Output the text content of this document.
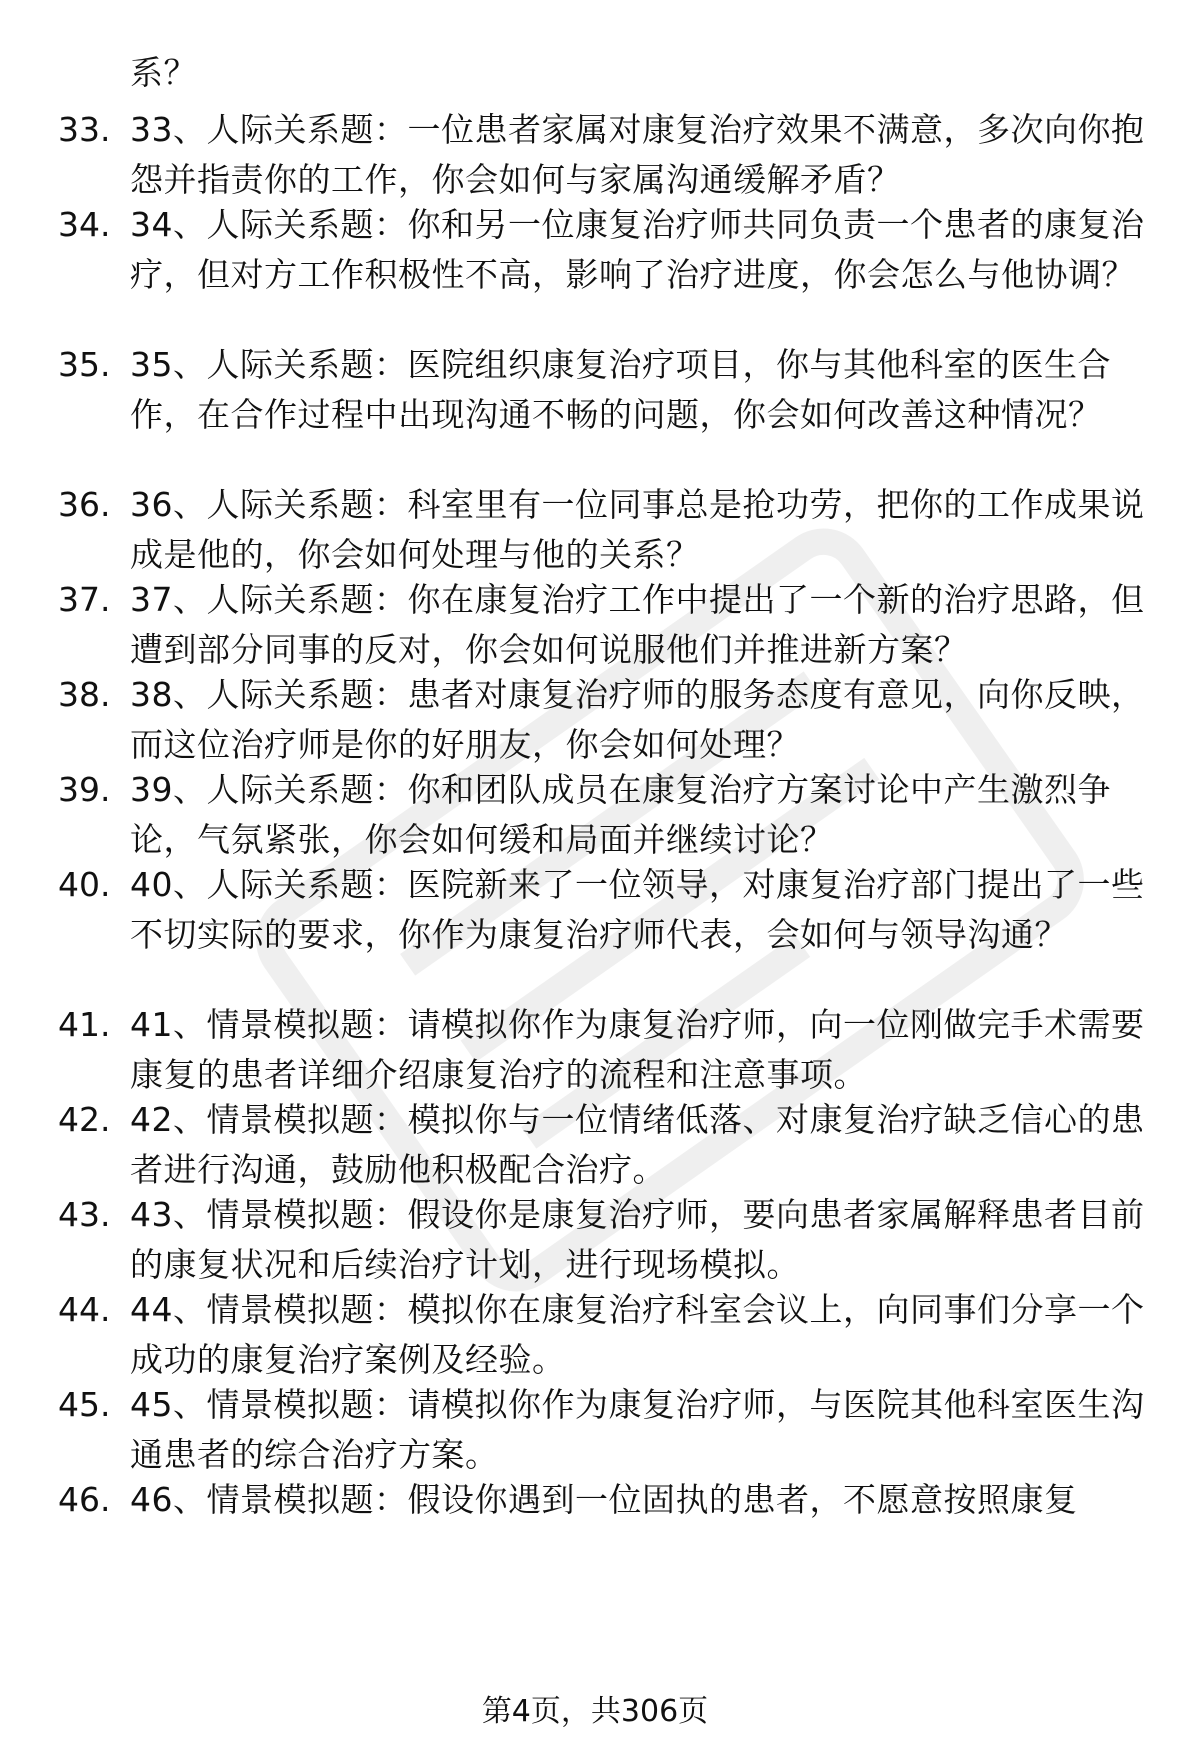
系？
33. 33、人际关系题：一位患者家属对康复治疗效果不满意，多次向你抱怨并指责你的工作，你会如何与家属沟通缓解矛盾？
34. 34、人际关系题：你和另一位康复治疗师共同负责一个患者的康复治疗，但对方工作积极性不高，影响了治疗进度，你会怎么与他协调？
35. 35、人际关系题：医院组织康复治疗项目，你与其他科室的医生合作，在合作过程中出现沟通不畅的问题，你会如何改善这种情况？
36. 36、人际关系题：科室里有一位同事总是抢功劳，把你的工作成果说成是他的，你会如何处理与他的关系？
37. 37、人际关系题：你在康复治疗工作中提出了一个新的治疗思路，但遭到部分同事的反对，你会如何说服他们并推进新方案？
38. 38、人际关系题：患者对康复治疗师的服务态度有意见，向你反映，而这位治疗师是你的好朋友，你会如何处理？
39. 39、人际关系题：你和团队成员在康复治疗方案讨论中产生激烈争论，气氛紧张，你会如何缓和局面并继续讨论？
40. 40、人际关系题：医院新来了一位领导，对康复治疗部门提出了一些不切实际的要求，你作为康复治疗师代表，会如何与领导沟通？
41. 41、情景模拟题：请模拟你作为康复治疗师，向一位刚做完手术需要康复的患者详细介绍康复治疗的流程和注意事项。
42. 42、情景模拟题：模拟你与一位情绪低落、对康复治疗缺乏信心的患者进行沟通，鼓励他积极配合治疗。
43. 43、情景模拟题：假设你是康复治疗师，要向患者家属解释患者目前的康复状况和后续治疗计划，进行现场模拟。
44. 44、情景模拟题：模拟你在康复治疗科室会议上，向同事们分享一个成功的康复治疗案例及经验。
45. 45、情景模拟题：请模拟你作为康复治疗师，与医院其他科室医生沟通患者的综合治疗方案。
46. 46、情景模拟题：假设你遇到一位固执的患者，不愿意按照康复
第4页，共306页
